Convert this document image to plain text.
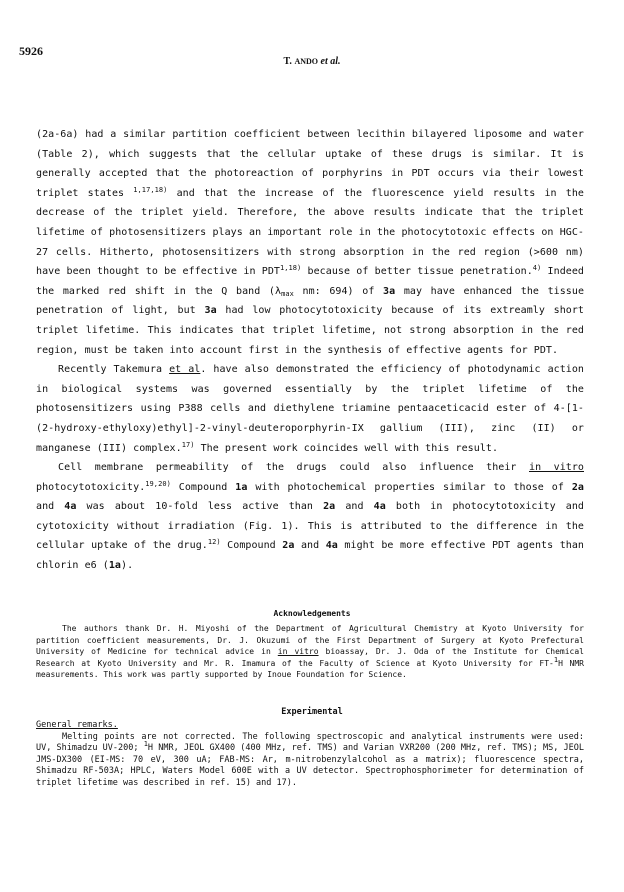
5926
T. ANDO et al.

(2a-6a) had a similar partition coefficient between lecithin bilayered liposome and water (Table 2), which suggests that the cellular uptake of these drugs is similar. It is generally accepted that the photoreaction of porphyrins in PDT occurs via their lowest triplet states $^{1,17,18)}$ and that the increase of the fluorescence yield results in the decrease of the triplet yield. Therefore, the above results indicate that the triplet lifetime of photosensitizers plays an important role in the photocytotoxic effects on HGC-27 cells. Hitherto, photosensitizers with strong absorption in the red region (>600 nm) have been thought to be effective in PDT$^{1,18)}$ because of better tissue penetration.$^{4)}$ Indeed the marked red shift in the Q band ($\lambda_{max}$ nm: 694) of 3a may have enhanced the tissue penetration of light, but 3a had low photocytotoxicity because of its extreamly short triplet lifetime. This indicates that triplet lifetime, not strong absorption in the red region, must be taken into account first in the synthesis of effective agents for PDT.

Recently Takemura et al. have also demonstrated the efficiency of photodynamic action in biological systems was governed essentially by the triplet lifetime of the photosensitizers using P388 cells and diethylene triamine pentaaceticacid ester of 4-[1-(2-hydroxy-ethyloxy)ethyl]-2-vinyl-deuteroporphyrin-IX gallium (III), zinc (II) or manganese (III) complex.$^{17)}$ The present work coincides well with this result.

Cell membrane permeability of the drugs could also influence their in vitro photocytotoxicity.$^{19,20)}$ Compound 1a with photochemical properties similar to those of 2a and 4a was about 10-fold less active than 2a and 4a both in photocytotoxicity and cytotoxicity without irradiation (Fig. 1). This is attributed to the difference in the cellular uptake of the drug.$^{12)}$ Compound 2a and 4a might be more effective PDT agents than chlorin e6 (1a).

Acknowledgements

The authors thank Dr. H. Miyoshi of the Department of Agricultural Chemistry at Kyoto University for partition coefficient measurements, Dr. J. Okuzumi of the First Department of Surgery at Kyoto Prefectural University of Medicine for technical advice in in vitro bioassay, Dr. J. Oda of the Institute for Chemical Research at Kyoto University and Mr. R. Imamura of the Faculty of Science at Kyoto University for FT-$^1$H NMR measurements. This work was partly supported by Inoue Foundation for Science.

Experimental
General remarks.

Melting points are not corrected. The following spectroscopic and analytical instruments were used: UV, Shimadzu UV-200; $^1$H NMR, JEOL GX400 (400 MHz, ref. TMS) and Varian VXR200 (200 MHz, ref. TMS); MS, JEOL JMS-DX300 (EI-MS: 70 eV, 300 uA; FAB-MS: Ar, m-nitrobenzylalcohol as a matrix); fluorescence spectra, Shimadzu RF-503A; HPLC, Waters Model 600E with a UV detector. Spectrophosphorimeter for determination of triplet lifetime was described in ref. 15) and 17).
